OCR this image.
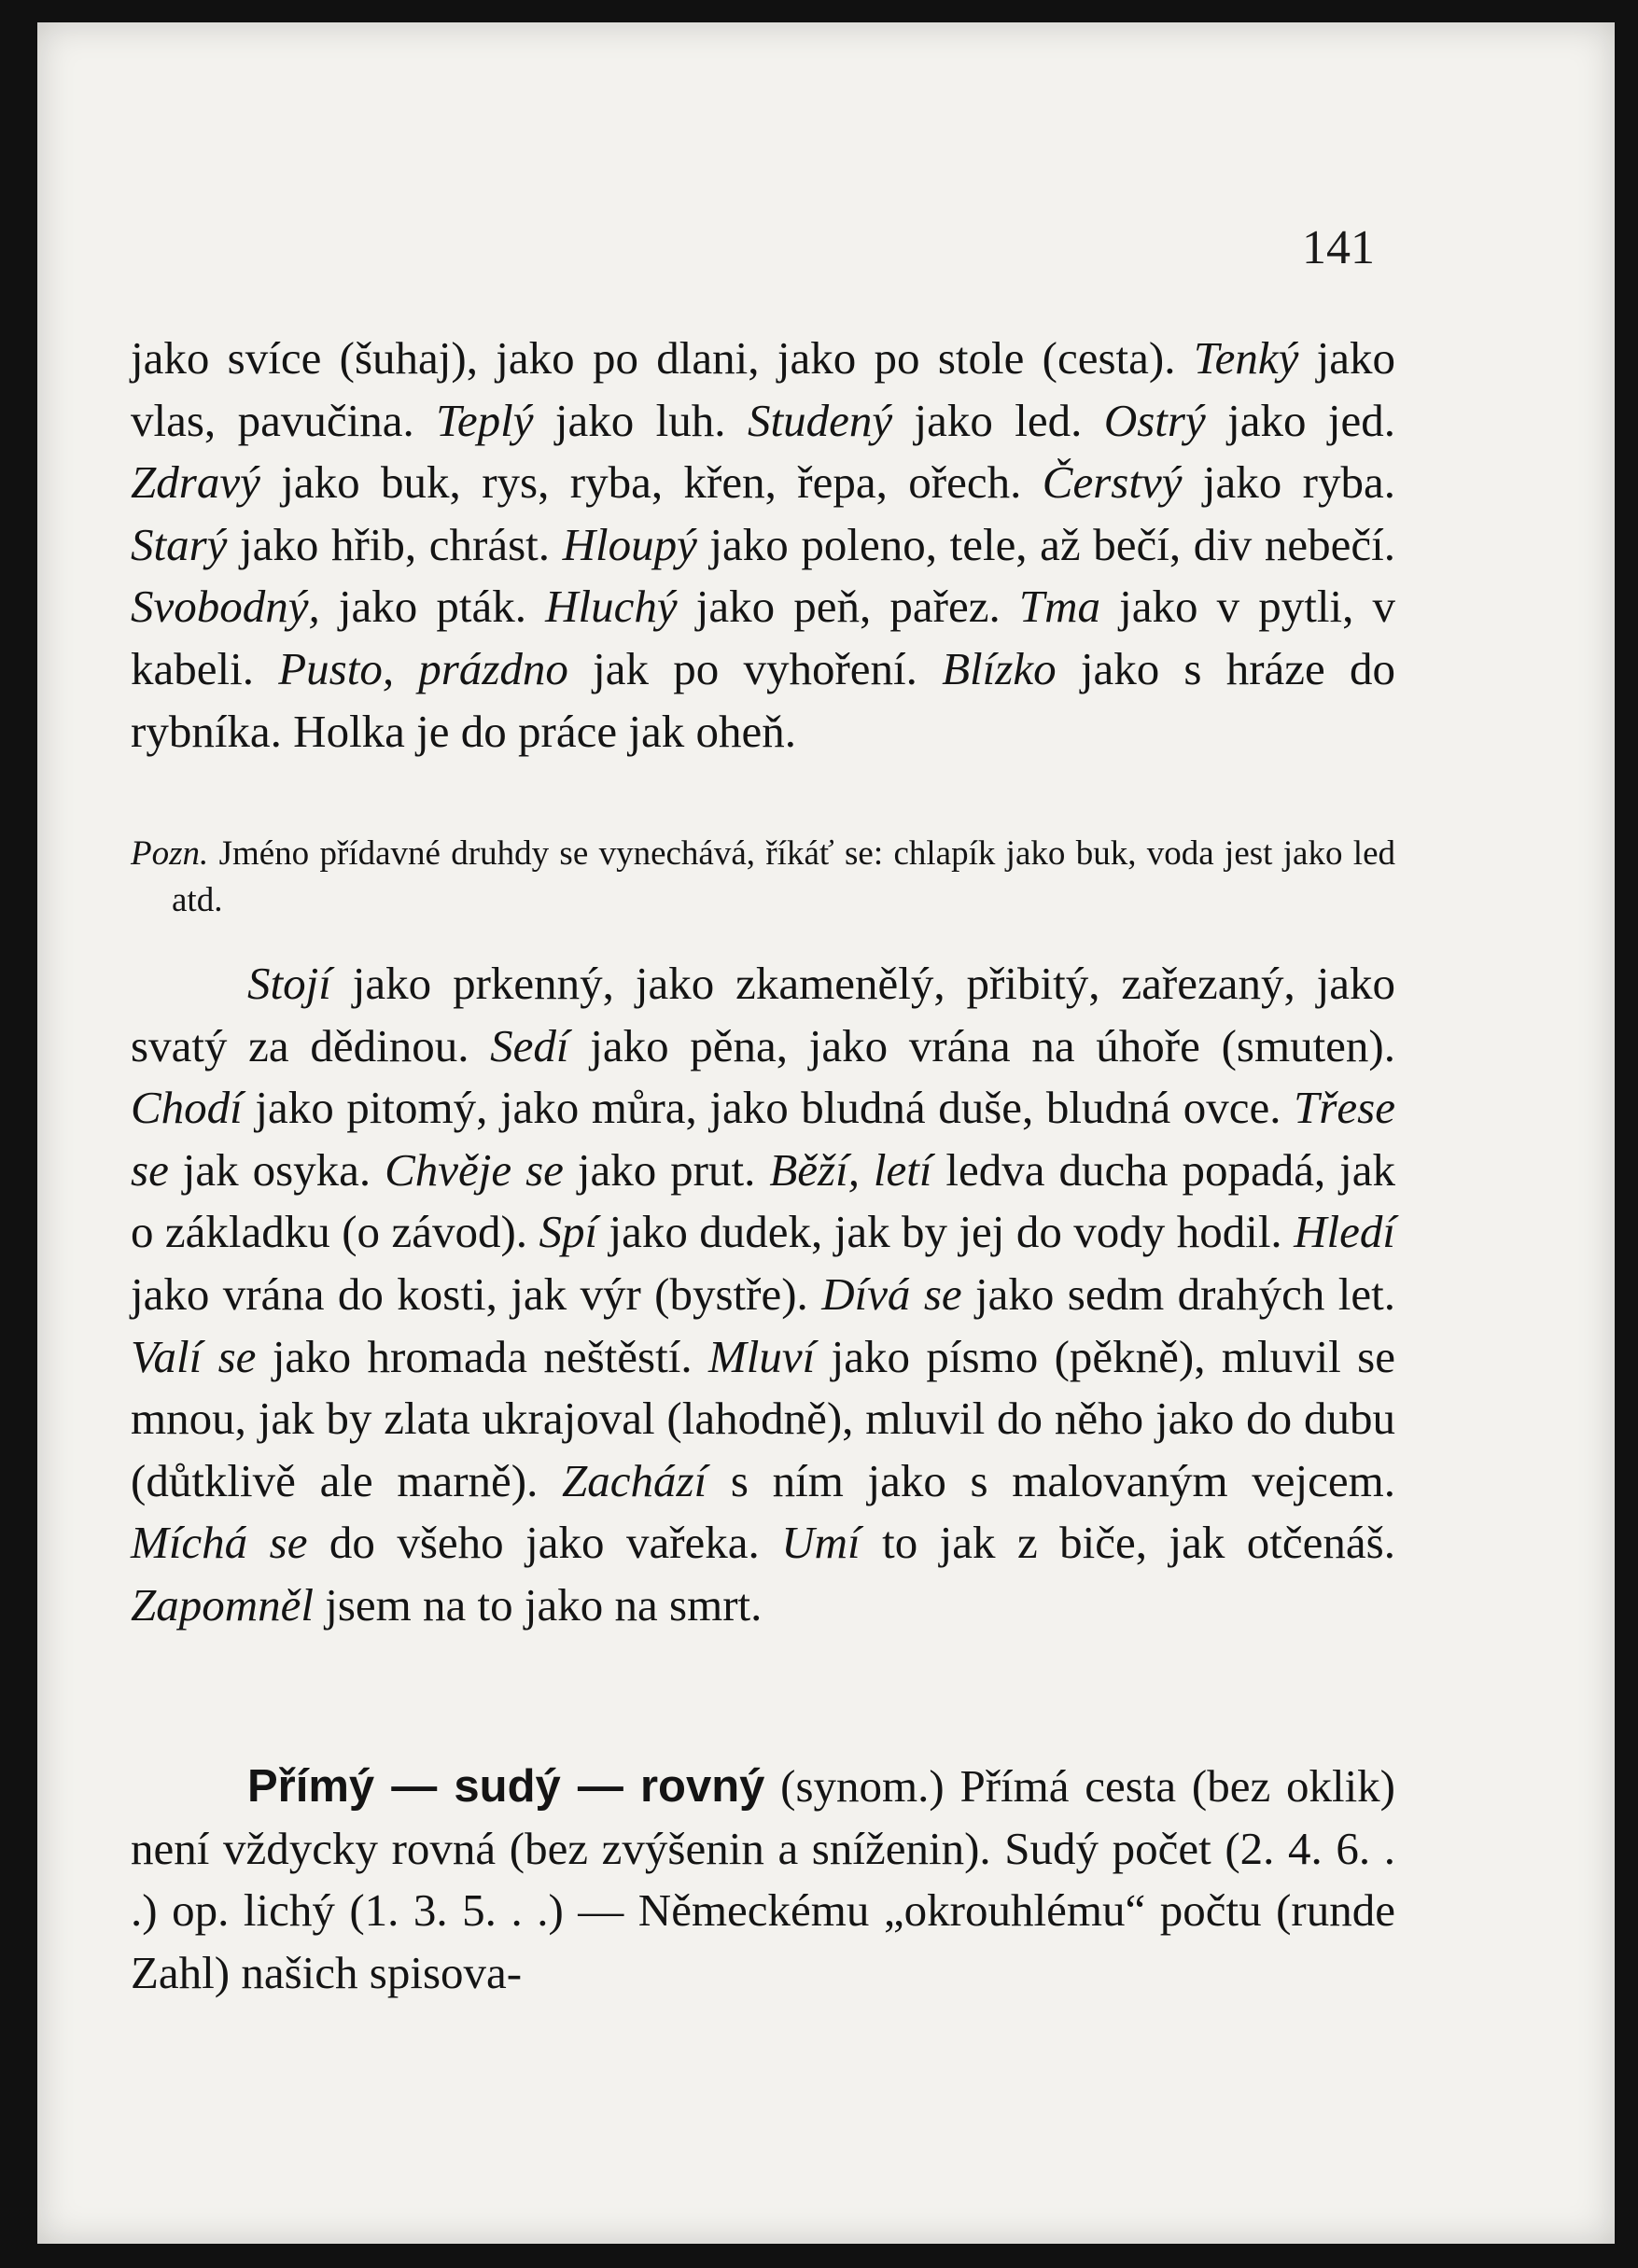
141

jako svíce (šuhaj), jako po dlani, jako po stole (cesta). Tenký jako vlas, pavučina. Teplý jako luh. Studený jako led. Ostrý jako jed. Zdravý jako buk, rys, ryba, křen, řepa, ořech. Čerstvý jako ryba. Starý jako hřib, chrást. Hloupý jako poleno, tele, až bečí, div nebečí. Svobodný, jako pták. Hluchý jako peň, pařez. Tma jako v pytli, v kabeli. Pusto, prázdno jak po vyhoření. Blízko jako s hráze do rybníka. Holka je do práce jak oheň.

Pozn. Jméno přídavné druhdy se vynechává, říkáť se: chlapík jako buk, voda jest jako led atd.

Stojí jako prkenný, jako zkamenělý, přibitý, zařezaný, jako svatý za dědinou. Sedí jako pěna, jako vrána na úhoře (smuten). Chodí jako pitomý, jako můra, jako bludná duše, bludná ovce. Třese se jak osyka. Chvěje se jako prut. Běží, letí ledva ducha popadá, jak o základku (o závod). Spí jako dudek, jak by jej do vody hodil. Hledí jako vrána do kosti, jak výr (bystře). Dívá se jako sedm drahých let. Valí se jako hromada neštěstí. Mluví jako písmo (pěkně), mluvil se mnou, jak by zlata ukrajoval (lahodně), mluvil do něho jako do dubu (důtklivě ale marně). Zachází s ním jako s malovaným vejcem. Míchá se do všeho jako vařeka. Umí to jak z biče, jak otčenáš. Zapomněl jsem na to jako na smrt.

Přímý — sudý — rovný (synom.) Přímá cesta (bez oklik) není vždycky rovná (bez zvýšenin a sníženin). Sudý počet (2. 4. 6. . .) op. lichý (1. 3. 5. . .) — Německému „okrouhlému“ počtu (runde Zahl) našich spisova-
